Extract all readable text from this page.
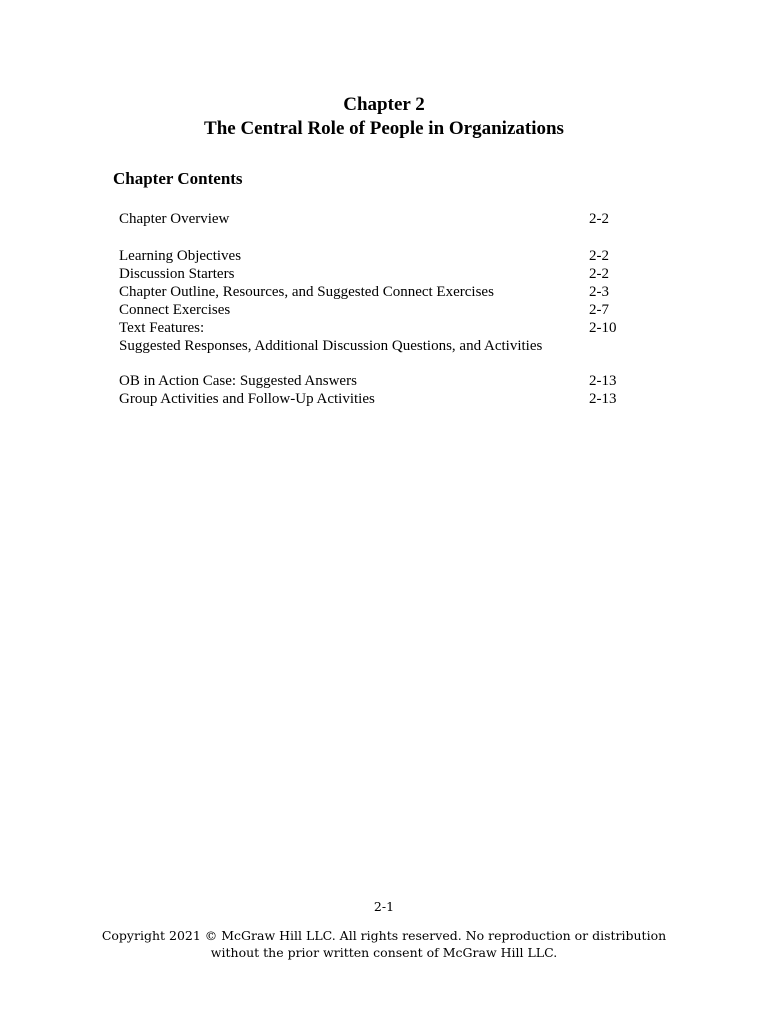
Chapter 2
The Central Role of People in Organizations
Chapter Contents
Chapter Overview	2-2
Learning Objectives	2-2
Discussion Starters	2-2
Chapter Outline, Resources, and Suggested Connect Exercises	2-3
Connect Exercises	2-7
Text Features:	2-10
Suggested Responses, Additional Discussion Questions, and Activities
OB in Action Case: Suggested Answers	2-13
Group Activities and Follow-Up Activities	2-13
2-1
Copyright 2021 © McGraw Hill LLC. All rights reserved. No reproduction or distribution
without the prior written consent of McGraw Hill LLC.
